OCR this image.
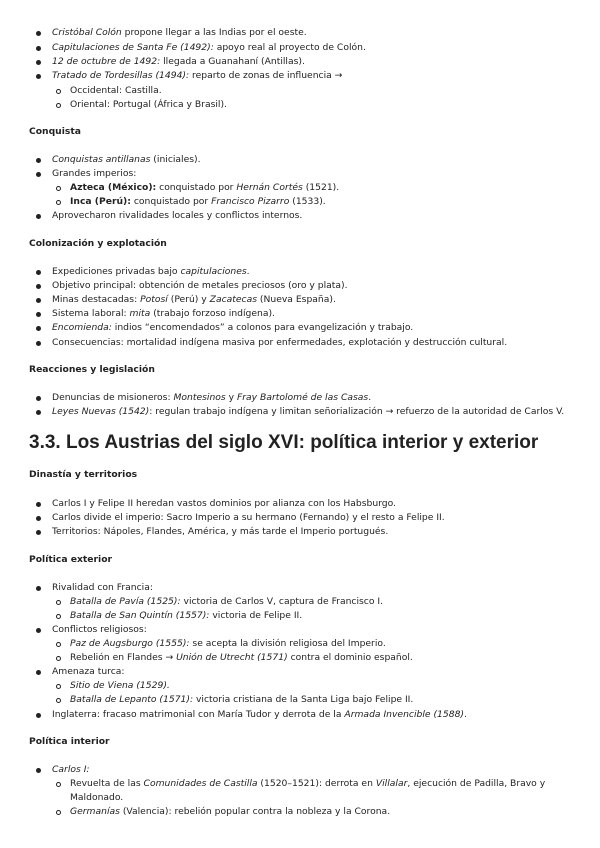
Cristóbal Colón propone llegar a las Indias por el oeste.
Capitulaciones de Santa Fe (1492): apoyo real al proyecto de Colón.
12 de octubre de 1492: llegada a Guanahaní (Antillas).
Tratado de Tordesillas (1494): reparto de zonas de influencia →
Occidental: Castilla.
Oriental: Portugal (África y Brasil).
Conquista
Conquistas antillanas (iniciales).
Grandes imperios:
Azteca (México): conquistado por Hernán Cortés (1521).
Inca (Perú): conquistado por Francisco Pizarro (1533).
Aprovecharon rivalidades locales y conflictos internos.
Colonización y explotación
Expediciones privadas bajo capitulaciones.
Objetivo principal: obtención de metales preciosos (oro y plata).
Minas destacadas: Potosí (Perú) y Zacatecas (Nueva España).
Sistema laboral: mita (trabajo forzoso indígena).
Encomienda: indios “encomendados” a colonos para evangelización y trabajo.
Consecuencias: mortalidad indígena masiva por enfermedades, explotación y destrucción cultural.
Reacciones y legislación
Denuncias de misioneros: Montesinos y Fray Bartolomé de las Casas.
Leyes Nuevas (1542): regulan trabajo indígena y limitan señorialización → refuerzo de la autoridad de Carlos V.
3.3. Los Austrias del siglo XVI: política interior y exterior
Dinastía y territorios
Carlos I y Felipe II heredan vastos dominios por alianza con los Habsburgo.
Carlos divide el imperio: Sacro Imperio a su hermano (Fernando) y el resto a Felipe II.
Territorios: Nápoles, Flandes, América, y más tarde el Imperio portugués.
Política exterior
Rivalidad con Francia:
Batalla de Pavía (1525): victoria de Carlos V, captura de Francisco I.
Batalla de San Quintín (1557): victoria de Felipe II.
Conflictos religiosos:
Paz de Augsburgo (1555): se acepta la división religiosa del Imperio.
Rebelión en Flandes → Unión de Utrecht (1571) contra el dominio español.
Amenaza turca:
Sitio de Viena (1529).
Batalla de Lepanto (1571): victoria cristiana de la Santa Liga bajo Felipe II.
Inglaterra: fracaso matrimonial con María Tudor y derrota de la Armada Invencible (1588).
Política interior
Carlos I:
Revuelta de las Comunidades de Castilla (1520–1521): derrota en Villalar, ejecución de Padilla, Bravo y
Maldonado.
Germanías (Valencia): rebelión popular contra la nobleza y la Corona.
